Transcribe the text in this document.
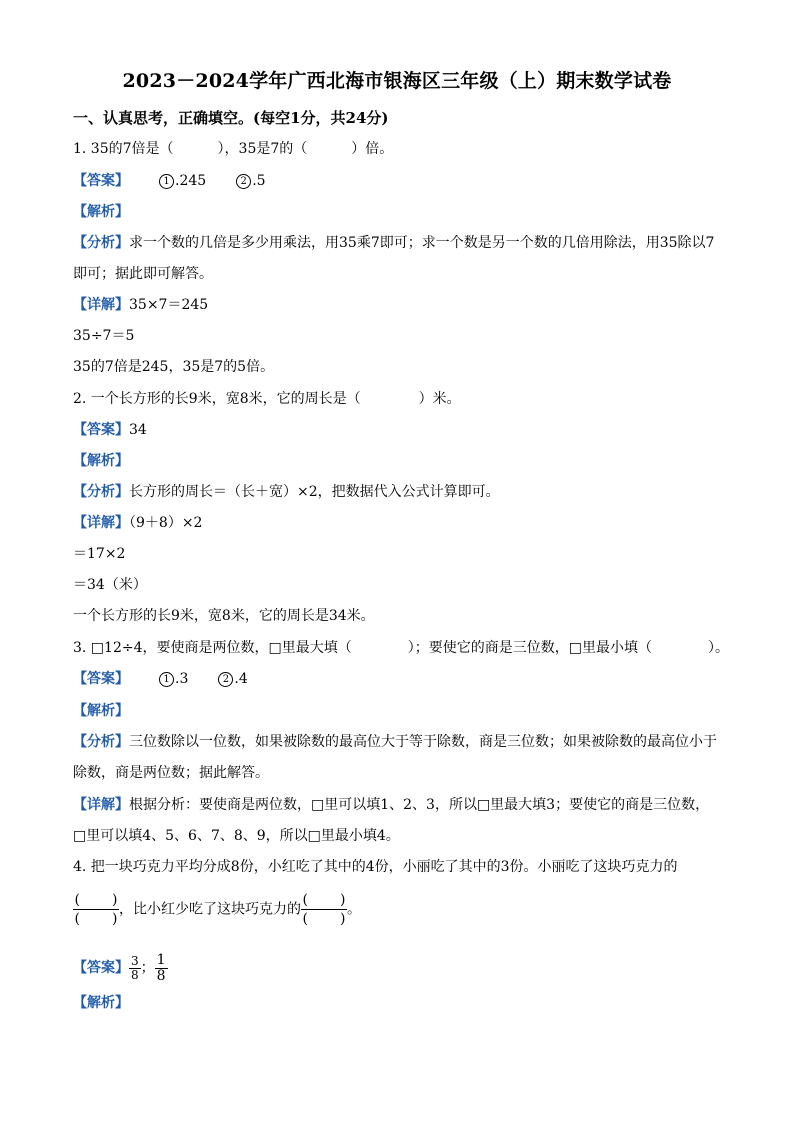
2023－2024学年广西北海市银海区三年级（上）期末数学试卷
一、认真思考，正确填空。(每空1分，共24分)
1. 35的7倍是（	），35是7的（	）倍。
【答案】	1 .245	2 .5
【解析】
【分析】求一个数的几倍是多少用乘法，用35乘7即可；求一个数是另一个数的几倍用除法，用35除以7
即可；据此即可解答。
【详解】35×7＝245
35÷7＝5
35的7倍是245，35是7的5倍。
2. 一个长方形的长9米，宽8米，它的周长是（	）米。
【答案】34
【解析】
【分析】长方形的周长＝（长＋宽）×2，把数据代入公式计算即可。
【详解】（9＋8）×2
＝17×2
＝34（米）
一个长方形的长9米，宽8米，它的周长是34米。
3. □12÷4，要使商是两位数，□里最大填（	）；要使它的商是三位数，□里最小填（	）。
【答案】	1 .3	2 .4
【解析】
【分析】三位数除以一位数，如果被除数的最高位大于等于除数，商是三位数；如果被除数的最高位小于
除数，商是两位数；据此解答。
【详解】根据分析：要使商是两位数，□里可以填1、2、3，所以□里最大填3；要使它的商是三位数，
□里可以填4、5、6、7、8、9，所以□里最小填4。
4. 把一块巧克力平均分成8份，小红吃了其中的4份，小丽吃了其中的3份。小丽吃了这块巧克力的
( )
( )
，比小红少吃了这块巧克力的
( )
( )
。
【答案】 $\frac{3}{8}$ ； $\frac{1}{8}$
【解析】
